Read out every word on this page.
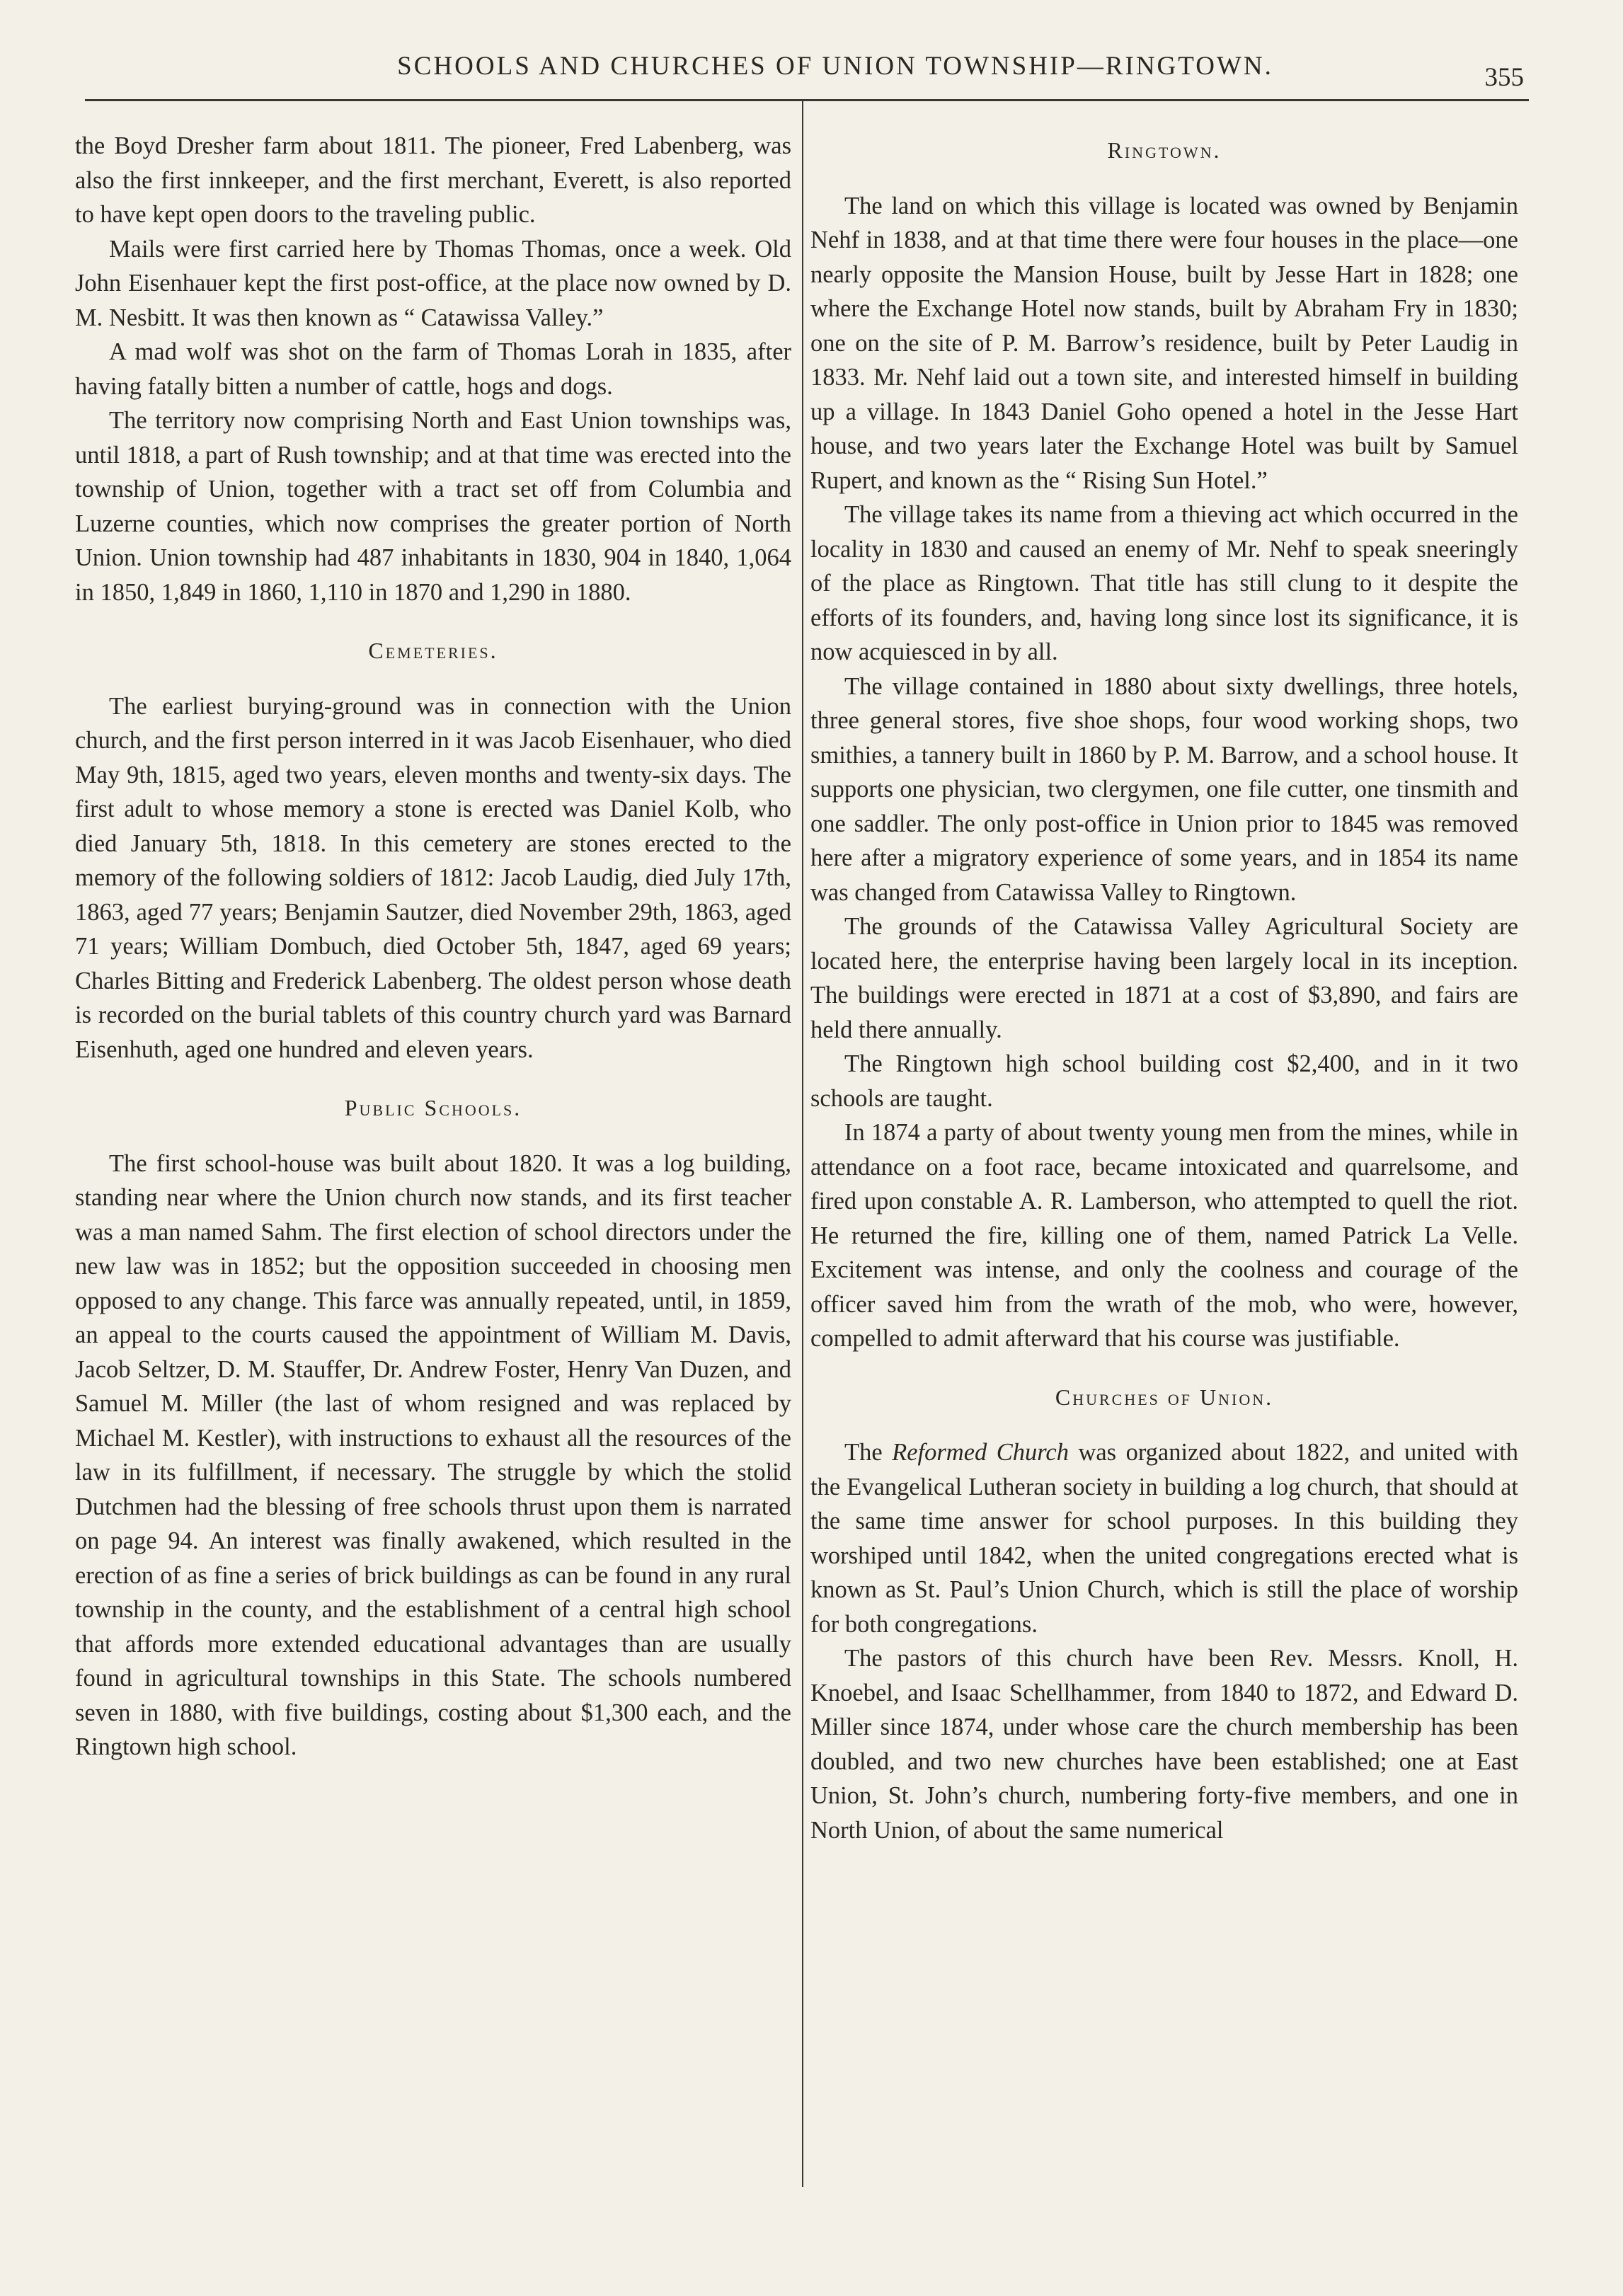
SCHOOLS AND CHURCHES OF UNION TOWNSHIP—RINGTOWN.	355

the Boyd Dresher farm about 1811. The pioneer, Fred Labenberg, was also the first innkeeper, and the first merchant, Everett, is also reported to have kept open doors to the traveling public.

Mails were first carried here by Thomas Thomas, once a week. Old John Eisenhauer kept the first post-office, at the place now owned by D. M. Nesbitt. It was then known as “ Catawissa Valley.”

A mad wolf was shot on the farm of Thomas Lorah in 1835, after having fatally bitten a number of cattle, hogs and dogs.

The territory now comprising North and East Union townships was, until 1818, a part of Rush township; and at that time was erected into the township of Union, together with a tract set off from Columbia and Luzerne counties, which now comprises the greater portion of North Union. Union township had 487 inhabitants in 1830, 904 in 1840, 1,064 in 1850, 1,849 in 1860, 1,110 in 1870 and 1,290 in 1880.

Cemeteries.

The earliest burying-ground was in connection with the Union church, and the first person interred in it was Jacob Eisenhauer, who died May 9th, 1815, aged two years, eleven months and twenty-six days. The first adult to whose memory a stone is erected was Daniel Kolb, who died January 5th, 1818. In this cemetery are stones erected to the memory of the following soldiers of 1812: Jacob Laudig, died July 17th, 1863, aged 77 years; Benjamin Sautzer, died November 29th, 1863, aged 71 years; William Dombuch, died October 5th, 1847, aged 69 years; Charles Bitting and Frederick Labenberg. The oldest person whose death is recorded on the burial tablets of this country church yard was Barnard Eisenhuth, aged one hundred and eleven years.

Public Schools.

The first school-house was built about 1820. It was a log building, standing near where the Union church now stands, and its first teacher was a man named Sahm. The first election of school directors under the new law was in 1852; but the opposition succeeded in choosing men opposed to any change. This farce was annually repeated, until, in 1859, an appeal to the courts caused the appointment of William M. Davis, Jacob Seltzer, D. M. Stauffer, Dr. Andrew Foster, Henry Van Duzen, and Samuel M. Miller (the last of whom resigned and was replaced by Michael M. Kestler), with instructions to exhaust all the resources of the law in its fulfillment, if necessary. The struggle by which the stolid Dutchmen had the blessing of free schools thrust upon them is narrated on page 94. An interest was finally awakened, which resulted in the erection of as fine a series of brick buildings as can be found in any rural township in the county, and the establishment of a central high school that affords more extended educational advantages than are usually found in agricultural townships in this State. The schools numbered seven in 1880, with five buildings, costing about $1,300 each, and the Ringtown high school.

Ringtown.

The land on which this village is located was owned by Benjamin Nehf in 1838, and at that time there were four houses in the place—one nearly opposite the Mansion House, built by Jesse Hart in 1828; one where the Exchange Hotel now stands, built by Abraham Fry in 1830; one on the site of P. M. Barrow’s residence, built by Peter Laudig in 1833. Mr. Nehf laid out a town site, and interested himself in building up a village. In 1843 Daniel Goho opened a hotel in the Jesse Hart house, and two years later the Exchange Hotel was built by Samuel Rupert, and known as the “ Rising Sun Hotel.”

The village takes its name from a thieving act which occurred in the locality in 1830 and caused an enemy of Mr. Nehf to speak sneeringly of the place as Ringtown. That title has still clung to it despite the efforts of its founders, and, having long since lost its significance, it is now acquiesced in by all.

The village contained in 1880 about sixty dwellings, three hotels, three general stores, five shoe shops, four wood working shops, two smithies, a tannery built in 1860 by P. M. Barrow, and a school house. It supports one physician, two clergymen, one file cutter, one tinsmith and one saddler. The only post-office in Union prior to 1845 was removed here after a migratory experience of some years, and in 1854 its name was changed from Catawissa Valley to Ringtown.

The grounds of the Catawissa Valley Agricultural Society are located here, the enterprise having been largely local in its inception. The buildings were erected in 1871 at a cost of $3,890, and fairs are held there annually.

The Ringtown high school building cost $2,400, and in it two schools are taught.

In 1874 a party of about twenty young men from the mines, while in attendance on a foot race, became intoxicated and quarrelsome, and fired upon constable A. R. Lamberson, who attempted to quell the riot. He returned the fire, killing one of them, named Patrick La Velle. Excitement was intense, and only the coolness and courage of the officer saved him from the wrath of the mob, who were, however, compelled to admit afterward that his course was justifiable.

Churches of Union.

The Reformed Church was organized about 1822, and united with the Evangelical Lutheran society in building a log church, that should at the same time answer for school purposes. In this building they worshiped until 1842, when the united congregations erected what is known as St. Paul’s Union Church, which is still the place of worship for both congregations.

The pastors of this church have been Rev. Messrs. Knoll, H. Knoebel, and Isaac Schellhammer, from 1840 to 1872, and Edward D. Miller since 1874, under whose care the church membership has been doubled, and two new churches have been established; one at East Union, St. John’s church, numbering forty-five members, and one in North Union, of about the same numerical
